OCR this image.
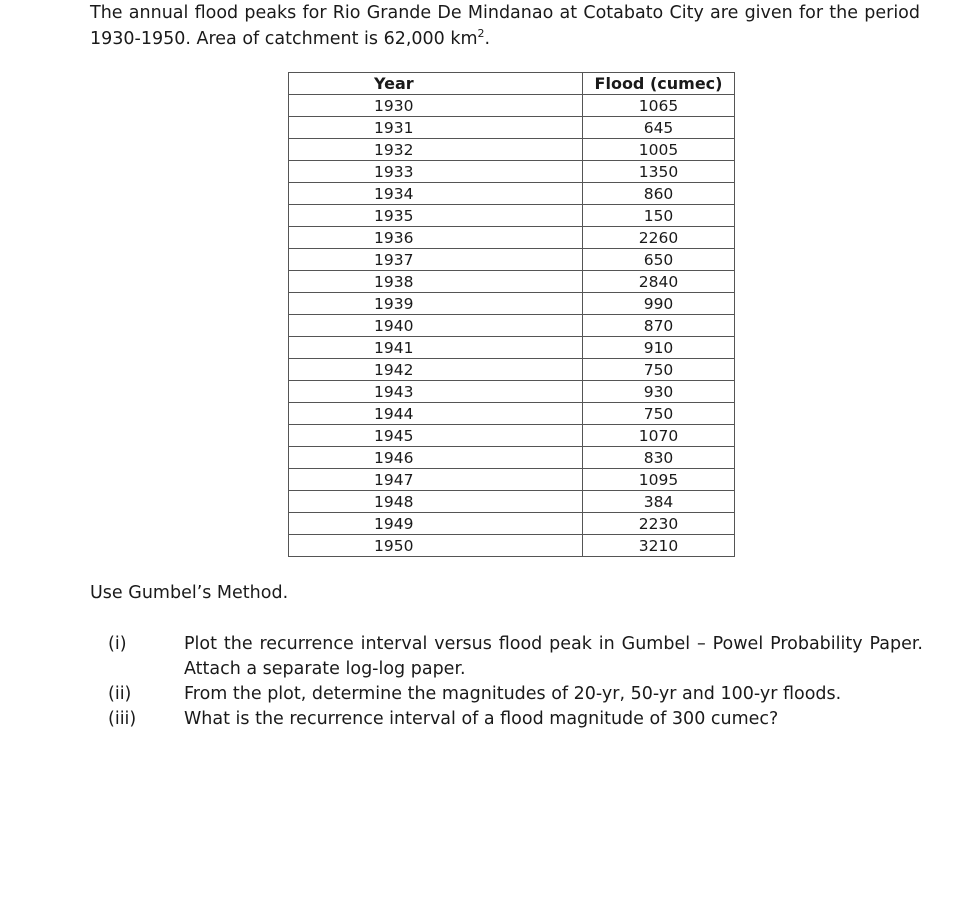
The annual flood peaks for Rio Grande De Mindanao at Cotabato City are given for the period 1930-1950. Area of catchment is 62,000 $km^2$.

Year	Flood (cumec)
1930	1065
1931	645
1932	1005
1933	1350
1934	860
1935	150
1936	2260
1937	650
1938	2840
1939	990
1940	870
1941	910
1942	750
1943	930
1944	750
1945	1070
1946	830
1947	1095
1948	384
1949	2230
1950	3210

Use Gumbel’s Method.

(i)	Plot the recurrence interval versus flood peak in Gumbel – Powel Probability Paper. Attach a separate log-log paper.
(ii)	From the plot, determine the magnitudes of 20-yr, 50-yr and 100-yr floods.
(iii)	What is the recurrence interval of a flood magnitude of 300 cumec?
